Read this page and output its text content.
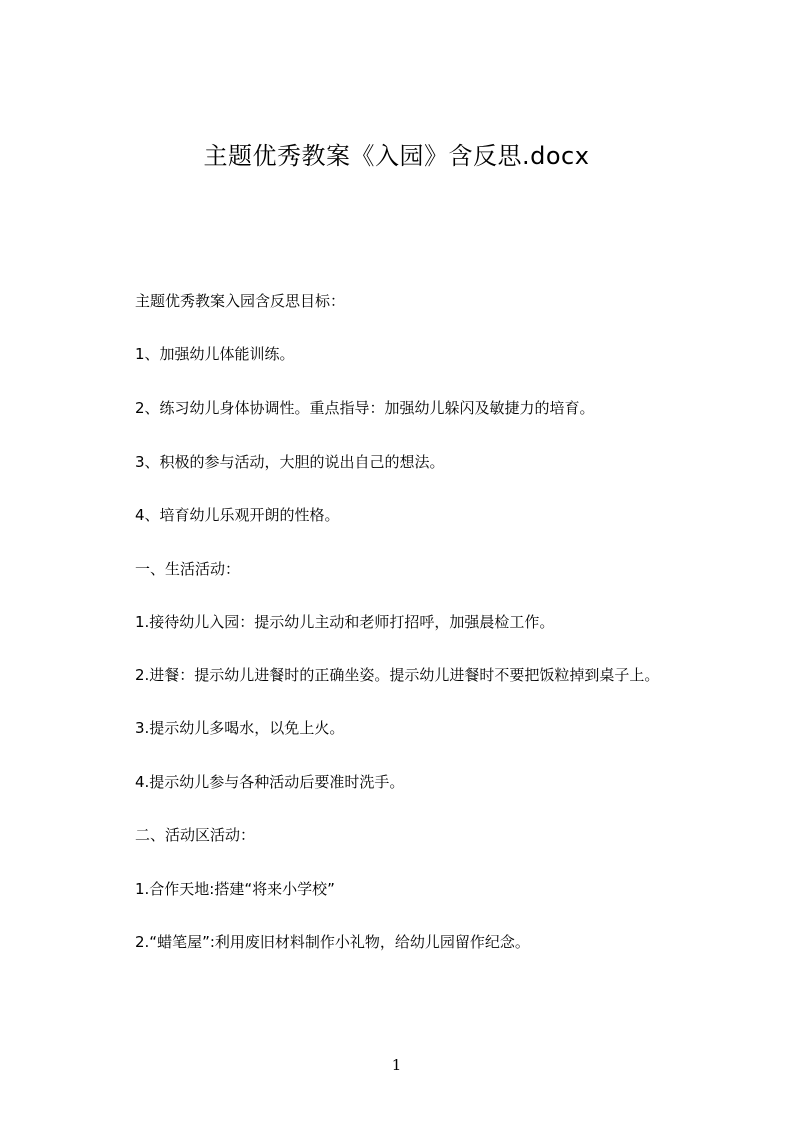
主题优秀教案《入园》含反思.docx
主题优秀教案入园含反思目标：
1、加强幼儿体能训练。
2、练习幼儿身体协调性。重点指导：加强幼儿躲闪及敏捷力的培育。
3、积极的参与活动，大胆的说出自己的想法。
4、培育幼儿乐观开朗的性格。
一、生活活动：
1.接待幼儿入园：提示幼儿主动和老师打招呼，加强晨检工作。
2.进餐：提示幼儿进餐时的正确坐姿。提示幼儿进餐时不要把饭粒掉到桌子上。
3.提示幼儿多喝水，以免上火。
4.提示幼儿参与各种活动后要准时洗手。
二、活动区活动：
1.合作天地:搭建“将来小学校”
2.“蜡笔屋”:利用废旧材料制作小礼物，给幼儿园留作纪念。
1
